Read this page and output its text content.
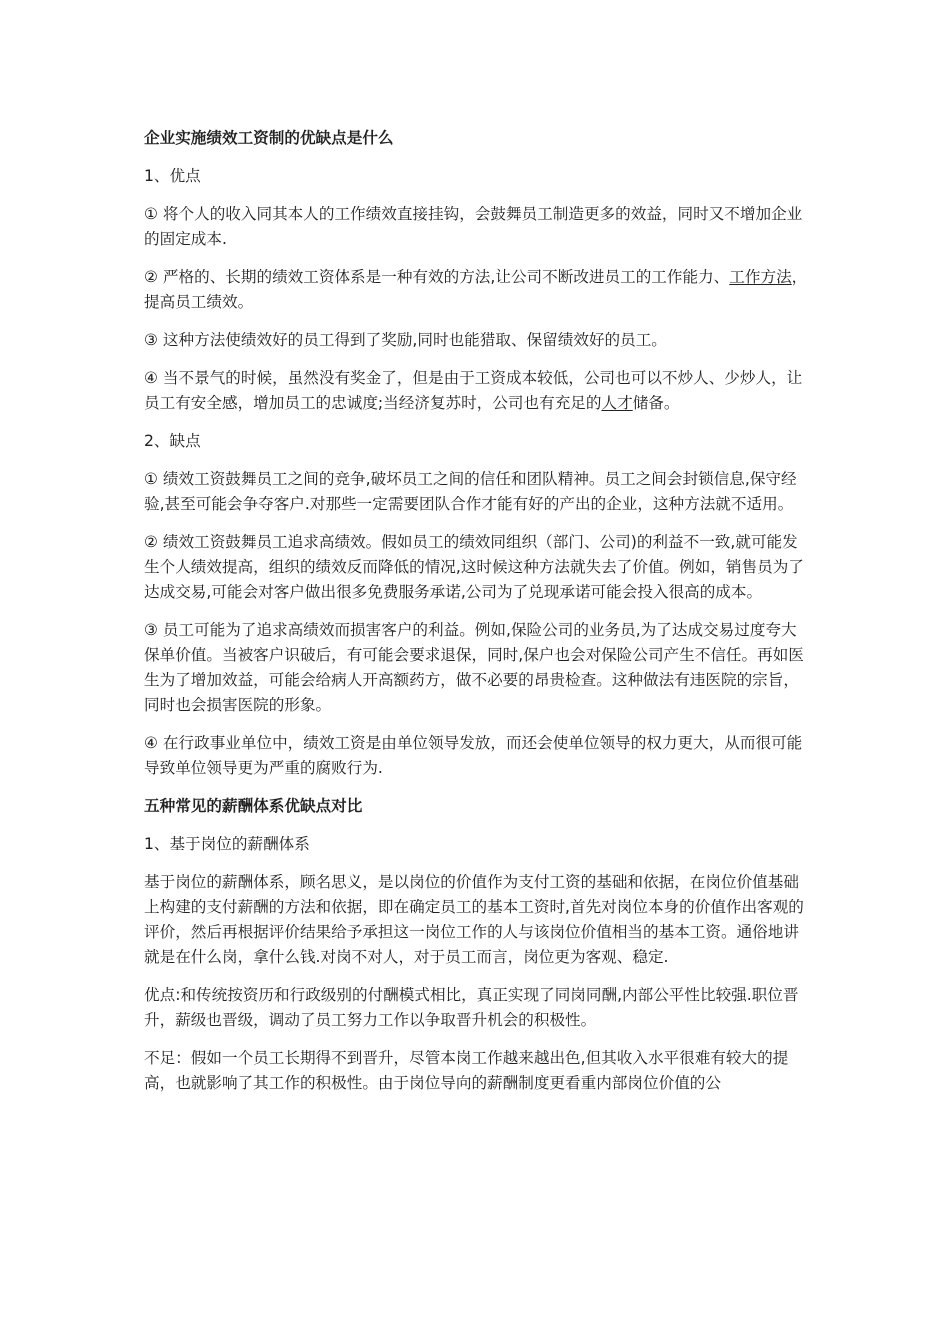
企业实施绩效工资制的优缺点是什么

1、优点

① 将个人的收入同其本人的工作绩效直接挂钩，会鼓舞员工制造更多的效益，同时又不增加企业的固定成本.

② 严格的、长期的绩效工资体系是一种有效的方法,让公司不断改进员工的工作能力、工作方法，提高员工绩效。

③ 这种方法使绩效好的员工得到了奖励,同时也能猎取、保留绩效好的员工。

④ 当不景气的时候，虽然没有奖金了，但是由于工资成本较低，公司也可以不炒人、少炒人，让员工有安全感，增加员工的忠诚度;当经济复苏时，公司也有充足的人才储备。

2、缺点

① 绩效工资鼓舞员工之间的竞争,破坏员工之间的信任和团队精神。员工之间会封锁信息,保守经验,甚至可能会争夺客户.对那些一定需要团队合作才能有好的产出的企业，这种方法就不适用。

② 绩效工资鼓舞员工追求高绩效。假如员工的绩效同组织（部门、公司)的利益不一致,就可能发生个人绩效提高，组织的绩效反而降低的情况,这时候这种方法就失去了价值。例如，销售员为了达成交易,可能会对客户做出很多免费服务承诺,公司为了兑现承诺可能会投入很高的成本。

③ 员工可能为了追求高绩效而损害客户的利益。例如,保险公司的业务员,为了达成交易过度夸大保单价值。当被客户识破后，有可能会要求退保，同时,保户也会对保险公司产生不信任。再如医生为了增加效益，可能会给病人开高额药方，做不必要的昂贵检查。这种做法有违医院的宗旨，同时也会损害医院的形象。

④ 在行政事业单位中，绩效工资是由单位领导发放，而还会使单位领导的权力更大，从而很可能导致单位领导更为严重的腐败行为.

五种常见的薪酬体系优缺点对比

1、基于岗位的薪酬体系

基于岗位的薪酬体系，顾名思义，是以岗位的价值作为支付工资的基础和依据，在岗位价值基础上构建的支付薪酬的方法和依据，即在确定员工的基本工资时,首先对岗位本身的价值作出客观的评价，然后再根据评价结果给予承担这一岗位工作的人与该岗位价值相当的基本工资。通俗地讲就是在什么岗，拿什么钱.对岗不对人，对于员工而言，岗位更为客观、稳定.

优点:和传统按资历和行政级别的付酬模式相比，真正实现了同岗同酬,内部公平性比较强.职位晋升，薪级也晋级，调动了员工努力工作以争取晋升机会的积极性。

不足：假如一个员工长期得不到晋升，尽管本岗工作越来越出色,但其收入水平很难有较大的提高，也就影响了其工作的积极性。由于岗位导向的薪酬制度更看重内部岗位价值的公
